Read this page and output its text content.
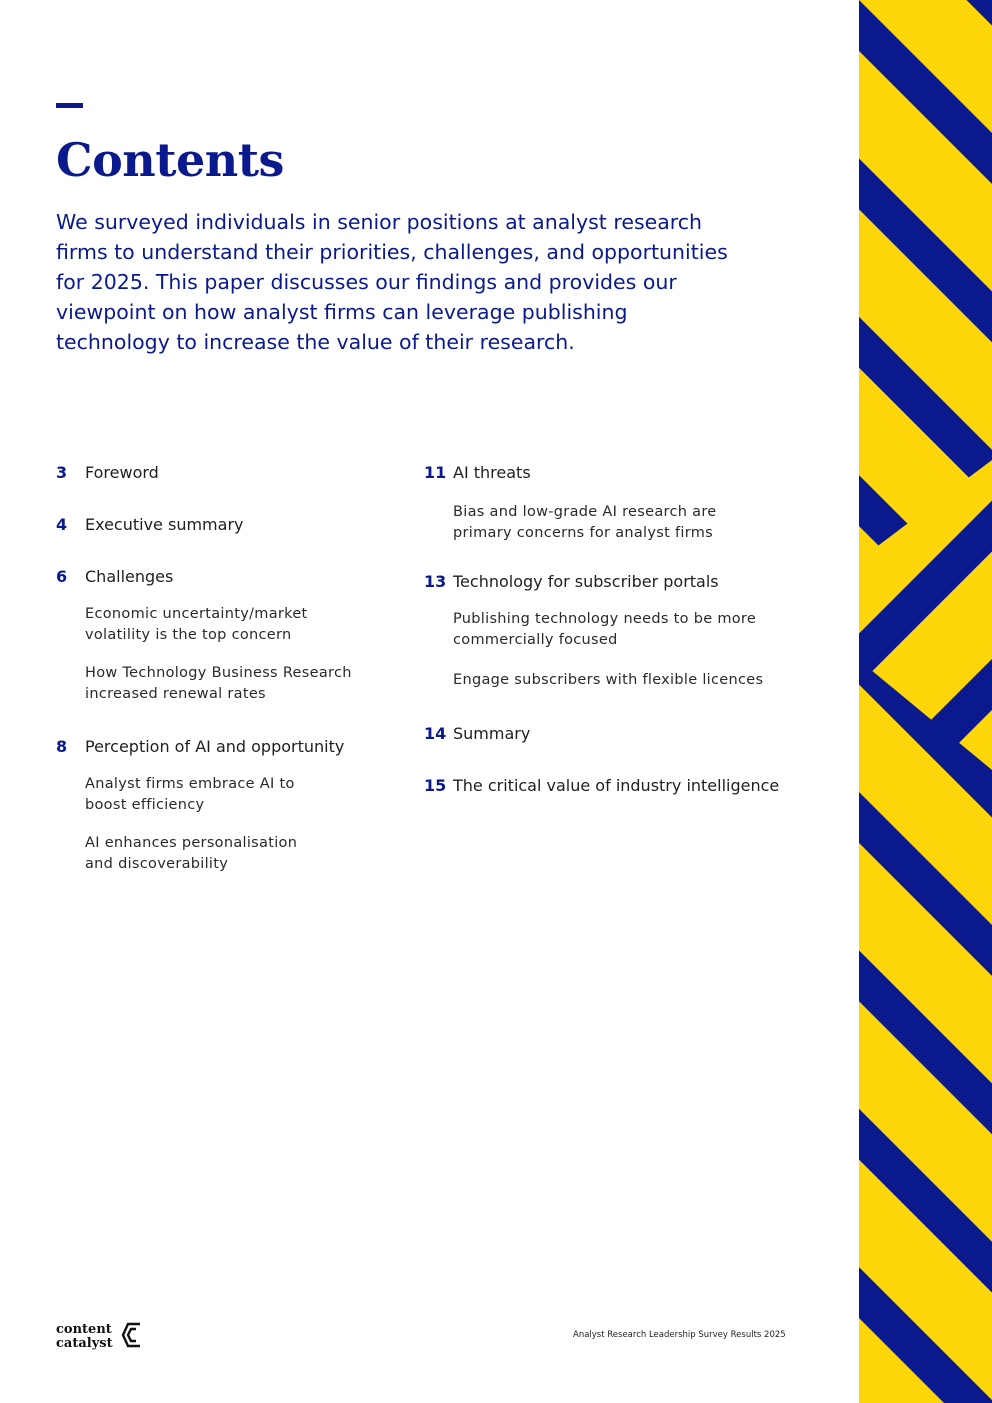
Contents

We surveyed individuals in senior positions at analyst research firms to understand their priorities, challenges, and opportunities for 2025. This paper discusses our findings and provides our viewpoint on how analyst firms can leverage publishing technology to increase the value of their research.

3	Foreword
4	Executive summary
6	Challenges
Economic uncertainty/market
volatility is the top concern
How Technology Business Research
increased renewal rates
8	Perception of AI and opportunity
Analyst firms embrace AI to
boost efficiency
AI enhances personalisation
and discoverability
11 AI threats
Bias and low-grade AI research are
primary concerns for analyst firms
13 Technology for subscriber portals
Publishing technology needs to be more
commercially focused
Engage subscribers with flexible licences
14 Summary
15 The critical value of industry intelligence
content
catalyst
Analyst Research Leadership Survey Results 2025
